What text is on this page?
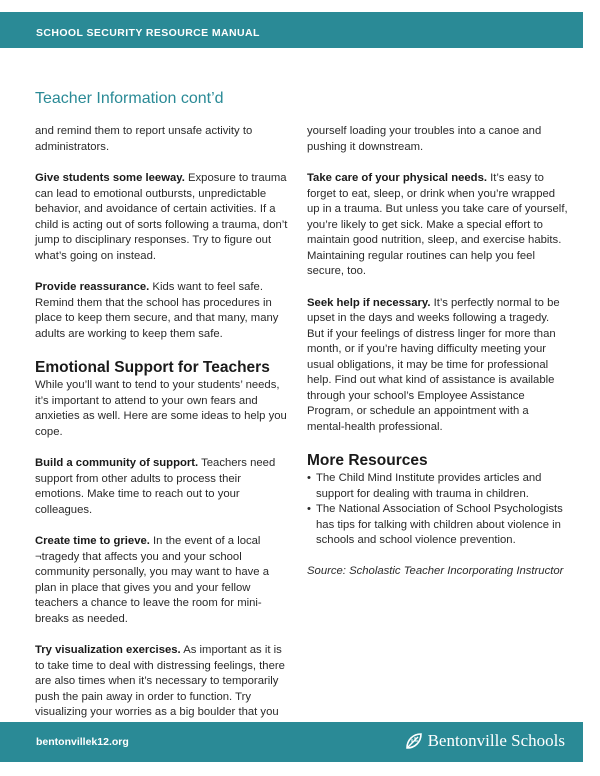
SCHOOL SECURITY RESOURCE MANUAL
Teacher Information cont’d

and remind them to report unsafe activity to administrators.

Give students some leeway. Exposure to trauma can lead to emotional outbursts, unpredictable behavior, and avoidance of certain activities. If a child is acting out of sorts following a trauma, don’t jump to disciplinary responses. Try to figure out what’s going on instead.

Provide reassurance. Kids want to feel safe. Remind them that the school has procedures in place to keep them secure, and that many, many adults are working to keep them safe.

Emotional Support for Teachers

While you’ll want to tend to your students’ needs, it’s important to attend to your own fears and anxieties as well. Here are some ideas to help you cope.

Build a community of support. Teachers need support from other adults to process their emotions. Make time to reach out to your colleagues.

Create time to grieve. In the event of a local ¬tragedy that affects you and your school community personally, you may want to have a plan in place that gives you and your fellow teachers a chance to leave the room for mini-breaks as needed.

Try visualization exercises. As important as it is to take time to deal with distressing feelings, there are also times when it’s necessary to temporarily push the pain away in order to function. Try visualizing your worries as a big boulder that you

yourself loading your troubles into a canoe and pushing it downstream.

Take care of your physical needs. It’s easy to forget to eat, sleep, or drink when you’re wrapped up in a trauma. But unless you take care of yourself, you’re likely to get sick. Make a special effort to maintain good nutrition, sleep, and exercise habits. Maintaining regular routines can help you feel secure, too.

Seek help if necessary. It’s perfectly normal to be upset in the days and weeks following a tragedy. But if your feelings of distress linger for more than month, or if you’re having difficulty meeting your usual obligations, it may be time for professional help. Find out what kind of assistance is available through your school’s Employee Assistance Program, or schedule an appointment with a mental-health professional.

More Resources
• The Child Mind Institute provides articles and support for dealing with trauma in children.
• The National Association of School Psychologists has tips for talking with children about violence in schools and school violence prevention.

Source: Scholastic Teacher Incorporating Instructor

bentonvillek12.org	Bentonville Schools
